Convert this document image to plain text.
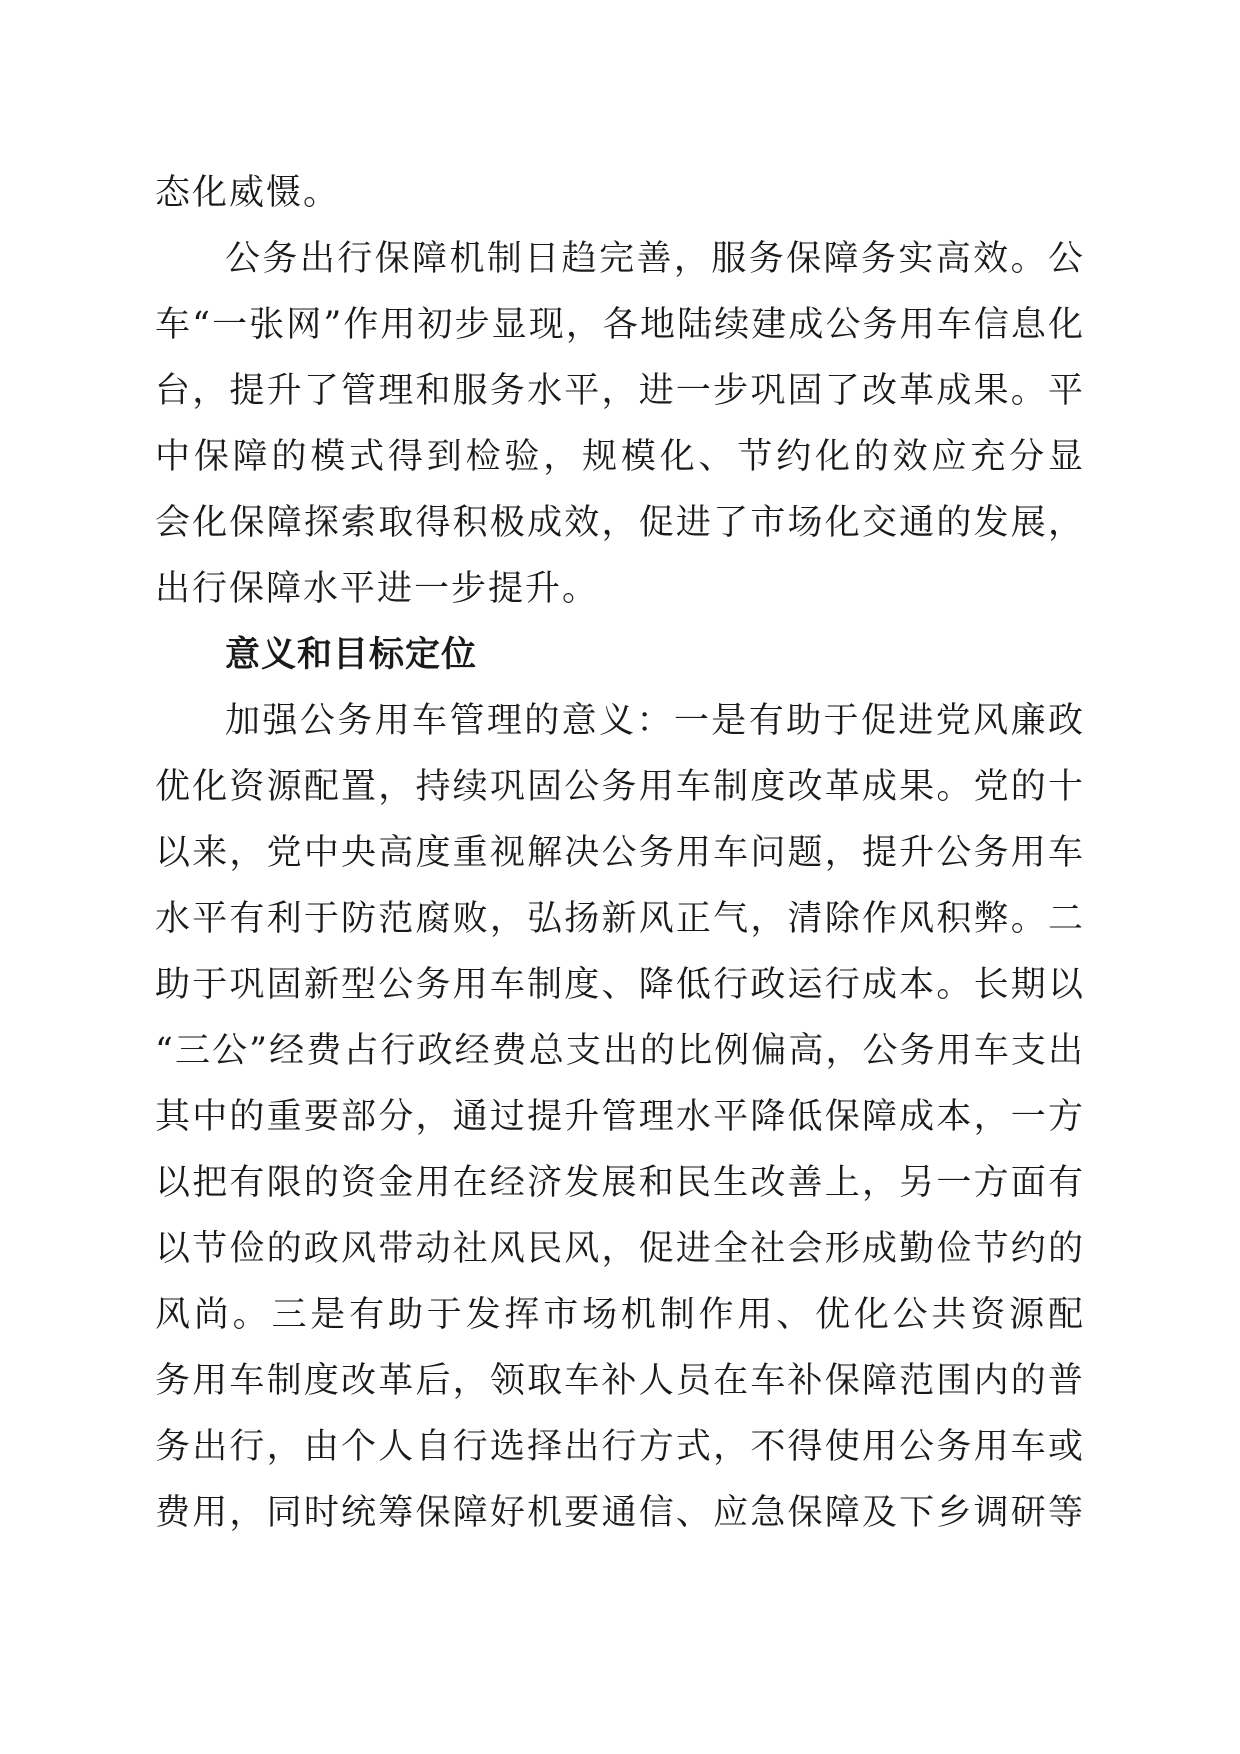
态化威慑。
公务出行保障机制日趋完善，服务保障务实高效。公
车“一张网”作用初步显现，各地陆续建成公务用车信息化
台，提升了管理和服务水平，进一步巩固了改革成果。平
中保障的模式得到检验，规模化、节约化的效应充分显
会化保障探索取得积极成效，促进了市场化交通的发展，
出行保障水平进一步提升。
意义和目标定位
加强公务用车管理的意义：一是有助于促进党风廉政
优化资源配置，持续巩固公务用车制度改革成果。党的十
以来，党中央高度重视解决公务用车问题，提升公务用车
水平有利于防范腐败，弘扬新风正气，清除作风积弊。二
助于巩固新型公务用车制度、降低行政运行成本。长期以
“三公”经费占行政经费总支出的比例偏高，公务用车支出
其中的重要部分，通过提升管理水平降低保障成本，一方
以把有限的资金用在经济发展和民生改善上，另一方面有
以节俭的政风带动社风民风，促进全社会形成勤俭节约的
风尚。三是有助于发挥市场机制作用、优化公共资源配
务用车制度改革后，领取车补人员在车补保障范围内的普
务出行，由个人自行选择出行方式，不得使用公务用车或
费用，同时统筹保障好机要通信、应急保障及下乡调研等
